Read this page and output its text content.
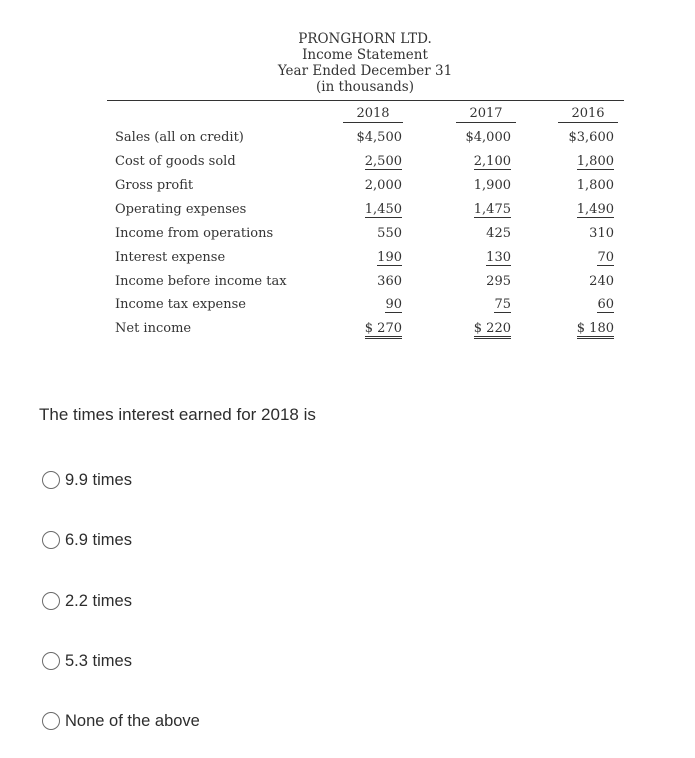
PRONGHORN LTD.
Income Statement
Year Ended December 31
(in thousands)
2018	2017	2016
Sales (all on credit)
Cost of goods sold
Gross profit
Operating expenses
Income from operations
Interest expense
Income before income tax
Income tax expense
Net income
$4,500
2,500
2,000
1,450
550
190
360
90
$ 270
$4,000
2,100
1,900
1,475
425
130
295
75
$ 220
$3,600
1,800
1,800
1,490
310
70
240
60
$ 180
The times interest earned for 2018 is
9.9 times
6.9 times
2.2 times
5.3 times
None of the above
